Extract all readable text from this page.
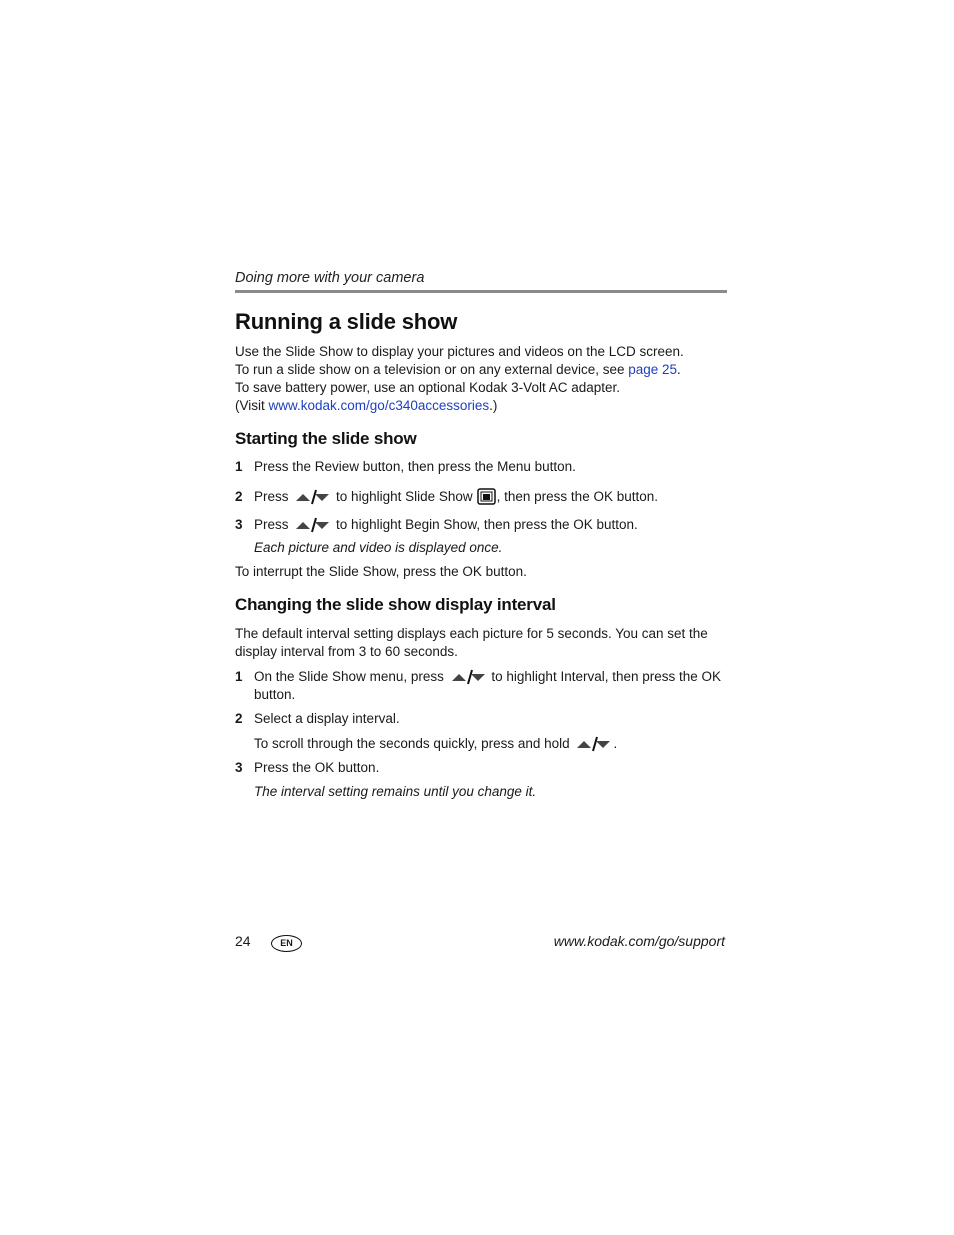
Doing more with your camera
Running a slide show
Use the Slide Show to display your pictures and videos on the LCD screen.
To run a slide show on a television or on any external device, see page 25.
To save battery power, use an optional Kodak 3-Volt AC adapter.
(Visit www.kodak.com/go/c340accessories.)
Starting the slide show
1 Press the Review button, then press the Menu button.
2 Press	to highlight Slide Show , then press the OK button.
3 Press	to highlight Begin Show, then press the OK button.
Each picture and video is displayed once.
To interrupt the Slide Show, press the OK button.
Changing the slide show display interval
The default interval setting displays each picture for 5 seconds. You can set the display interval from 3 to 60 seconds.
1 On the Slide Show menu, press	to highlight Interval, then press the OK button.
2 Select a display interval.
To scroll through the seconds quickly, press and hold	.
3 Press the OK button.
The interval setting remains until you change it.
24	EN	www.kodak.com/go/support
